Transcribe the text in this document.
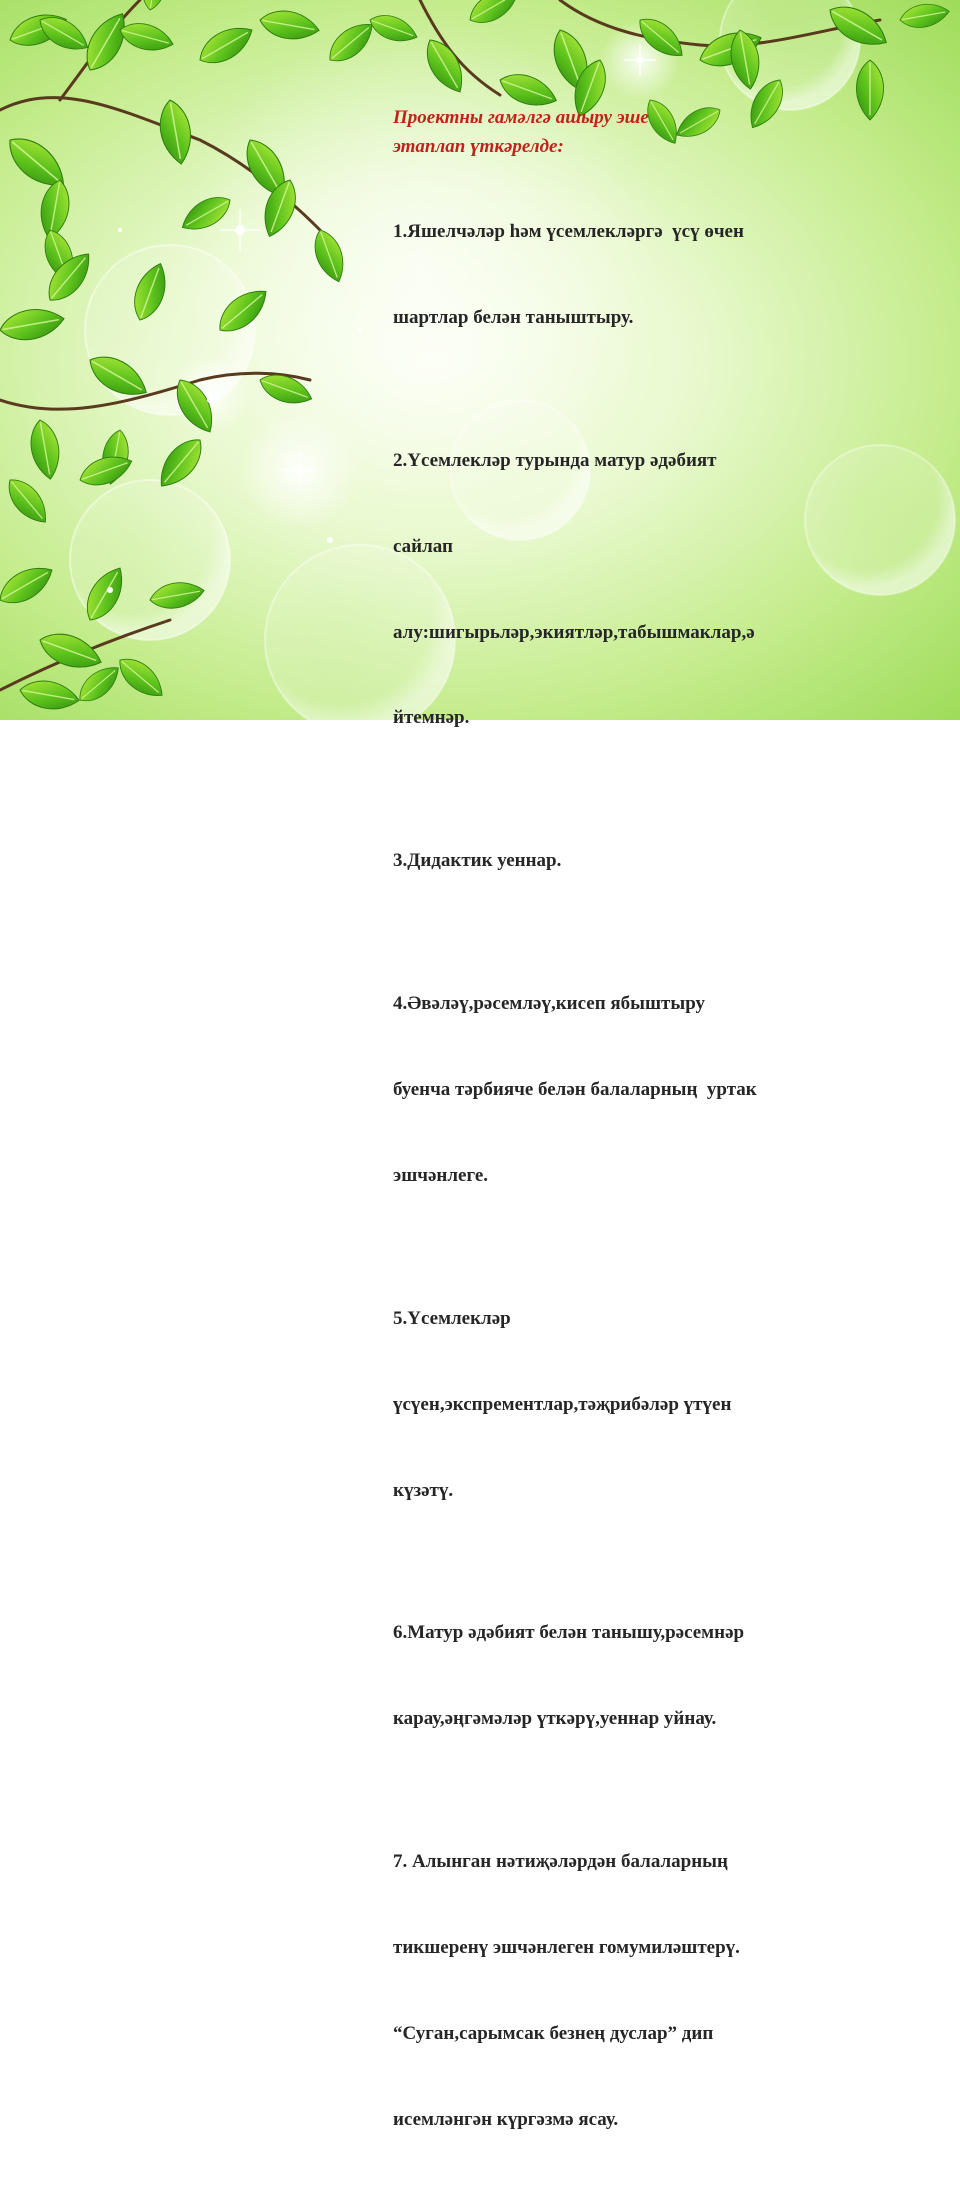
Проектны гамәлгә ашыру эше
этаплап үткәрелде:

1.Яшелчәләр һәм үсемлекләргә  үсү өчен

шартлар белән таныштыру.

2.Үсемлекләр турында матур әдәбият

сайлап

алу:шигырьләр,экиятләр,табышмаклар,ә

йтемнәр.

3.Дидактик уеннар.

4.Әвәләү,рәсемләү,кисеп ябыштыру

буенча тәрбияче белән балаларның  уртак

эшчәнлеге.

5.Үсемлекләр

үсүен,экспрементлар,тәҗрибәләр үтүен

күзәтү.

6.Матур әдәбият белән танышу,рәсемнәр

карау,әңгәмәләр үткәрү,уеннар уйнау.

7. Алынган нәтиҗәләрдән балаларның

тикшеренү эшчәнлеген гомумиләштерү.

“Суган,сарымсак безнең дуслар” дип

исемләнгән күргәзмә ясау.
